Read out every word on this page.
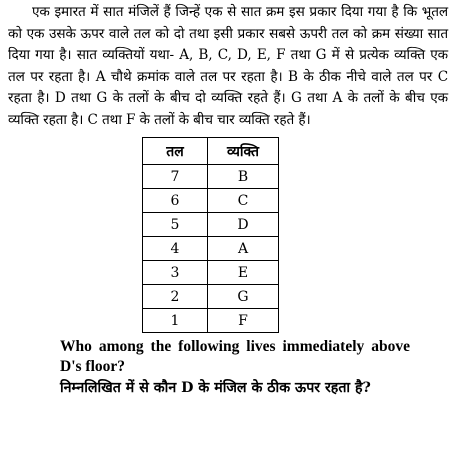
एक इमारत में सात मंजिलें हैं जिन्हें एक से सात क्रम इस प्रकार दिया गया है कि भूतल को एक उसके ऊपर वाले तल को दो तथा इसी प्रकार सबसे ऊपरी तल को क्रम संख्या सात दिया गया है। सात व्यक्तियों यथा- A, B, C, D, E, F तथा G में से प्रत्येक व्यक्ति एक तल पर रहता है। A चौथे क्रमांक वाले तल पर रहता है। B के ठीक नीचे वाले तल पर C रहता है। D तथा G के तलों के बीच दो व्यक्ति रहते हैं। G तथा A के तलों के बीच एक व्यक्ति रहता है। C तथा F के तलों के बीच चार व्यक्ति रहते हैं।

तल	व्यक्ति
7	B
6	C
5	D
4	A
3	E
2	G
1	F
Who among the following lives immediately above D's floor?
निम्नलिखित में से कौन D के मंजिल के ठीक ऊपर रहता है?
